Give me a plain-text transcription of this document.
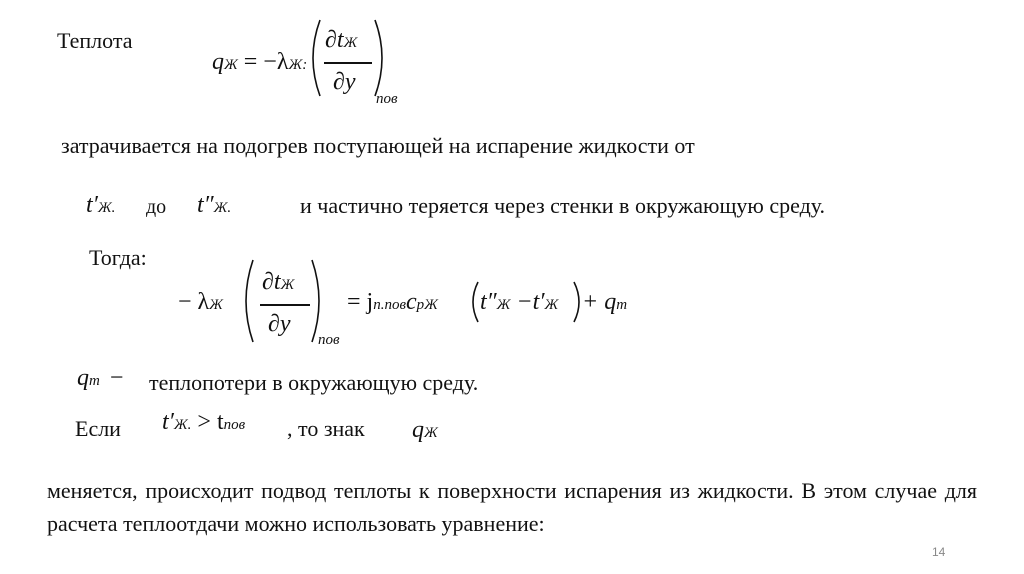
Теплота
qЖ = −λЖ:
∂tЖ
∂y
пов
затрачивается на подогрев поступающей на испарение жидкости от
t′Ж. до t″Ж.	и частично теряется через стенки в окружающую среду.
Тогда:
− λЖ
∂tЖ
∂y
пов
= jп.повcрЖ t″Ж −t′Ж + qт
qт − теплопотери в окружающую среду.
Если t′Ж. > tпов , то знак qЖ
меняется, происходит подвод теплоты к поверхности испарения из жидкости. В этом случае для расчета теплоотдачи можно использовать уравнение:
14
